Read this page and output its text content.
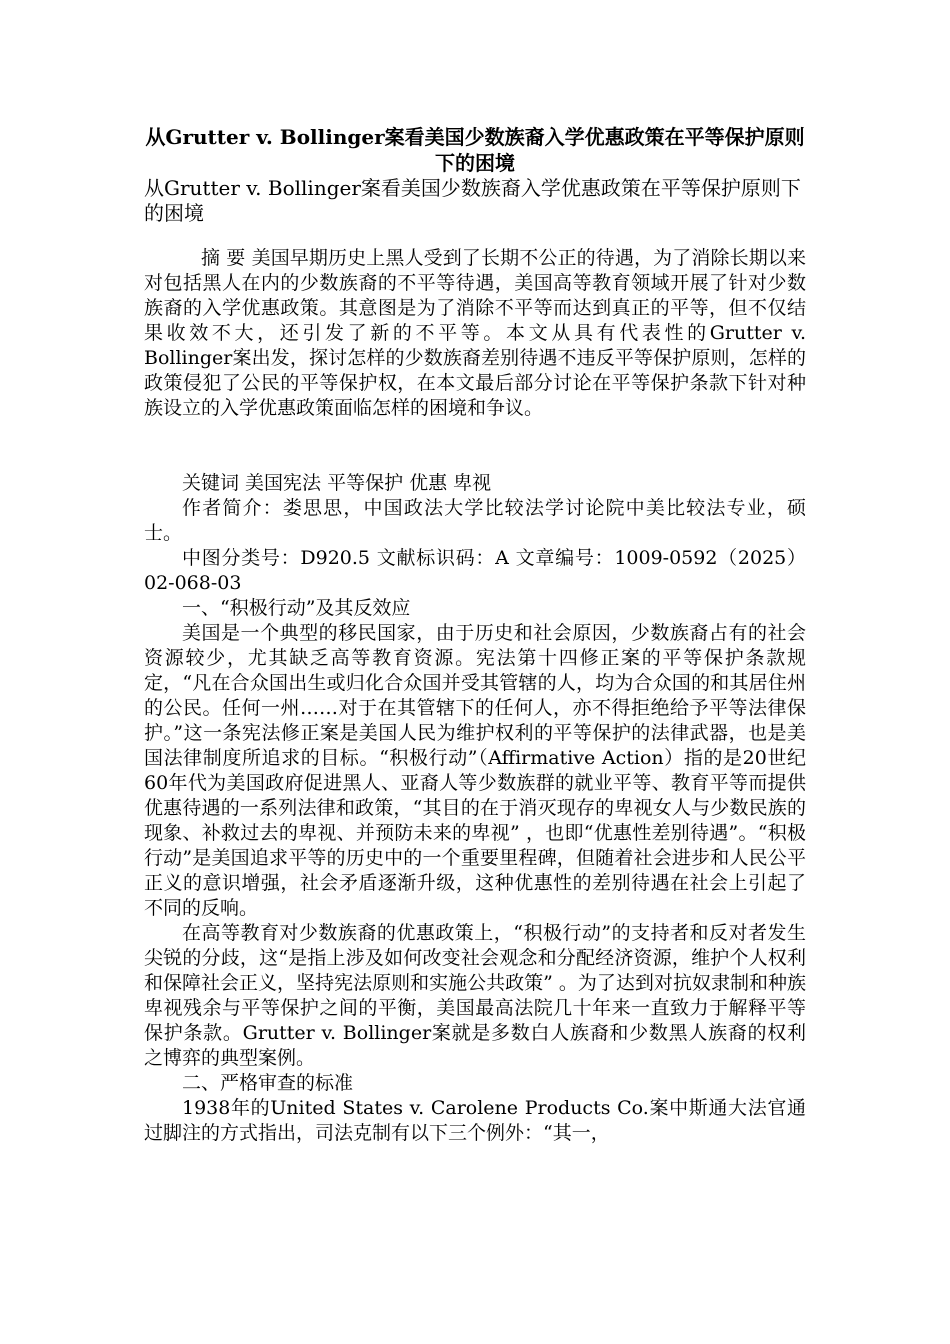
从Grutter v. Bollinger案看美国少数族裔入学优惠政策在平等保护原则下的困境

从Grutter v. Bollinger案看美国少数族裔入学优惠政策在平等保护原则下的困境

摘 要 美国早期历史上黑人受到了长期不公正的待遇，为了消除长期以来对包括黑人在内的少数族裔的不平等待遇，美国高等教育领域开展了针对少数族裔的入学优惠政策。其意图是为了消除不平等而达到真正的平等，但不仅结果收效不大，还引发了新的不平等。本文从具有代表性的Grutter v. Bollinger案出发，探讨怎样的少数族裔差别待遇不违反平等保护原则，怎样的政策侵犯了公民的平等保护权，在本文最后部分讨论在平等保护条款下针对种族设立的入学优惠政策面临怎样的困境和争议。

关键词 美国宪法 平等保护 优惠 卑视

作者简介：娄思思，中国政法大学比较法学讨论院中美比较法专业，硕士。

中图分类号：D920.5 文献标识码：A 文章编号：1009-0592（2025）02-068-03

一、“积极行动”及其反效应

美国是一个典型的移民国家，由于历史和社会原因，少数族裔占有的社会资源较少，尤其缺乏高等教育资源。宪法第十四修正案的平等保护条款规定，“凡在合众国出生或归化合众国并受其管辖的人，均为合众国的和其居住州的公民。任何一州……对于在其管辖下的任何人，亦不得拒绝给予平等法律保护。”这一条宪法修正案是美国人民为维护权利的平等保护的法律武器，也是美国法律制度所追求的目标。“积极行动”（Affirmative Action）指的是20世纪60年代为美国政府促进黑人、亚裔人等少数族群的就业平等、教育平等而提供优惠待遇的一系列法律和政策，“其目的在于消灭现存的卑视女人与少数民族的现象、补救过去的卑视、并预防未来的卑视” ，也即“优惠性差别待遇”。“积极行动”是美国追求平等的历史中的一个重要里程碑，但随着社会进步和人民公平正义的意识增强，社会矛盾逐渐升级，这种优惠性的差别待遇在社会上引起了不同的反响。

在高等教育对少数族裔的优惠政策上，“积极行动”的支持者和反对者发生尖锐的分歧，这“是指上涉及如何改变社会观念和分配经济资源，维护个人权利和保障社会正义，坚持宪法原则和实施公共政策” 。为了达到对抗奴隶制和种族卑视残余与平等保护之间的平衡，美国最高法院几十年来一直致力于解释平等保护条款。Grutter v. Bollinger案就是多数白人族裔和少数黑人族裔的权利之博弈的典型案例。

二、严格审查的标准

1938年的United States v. Carolene Products Co.案中斯通大法官通过脚注的方式指出，司法克制有以下三个例外：“其一，
